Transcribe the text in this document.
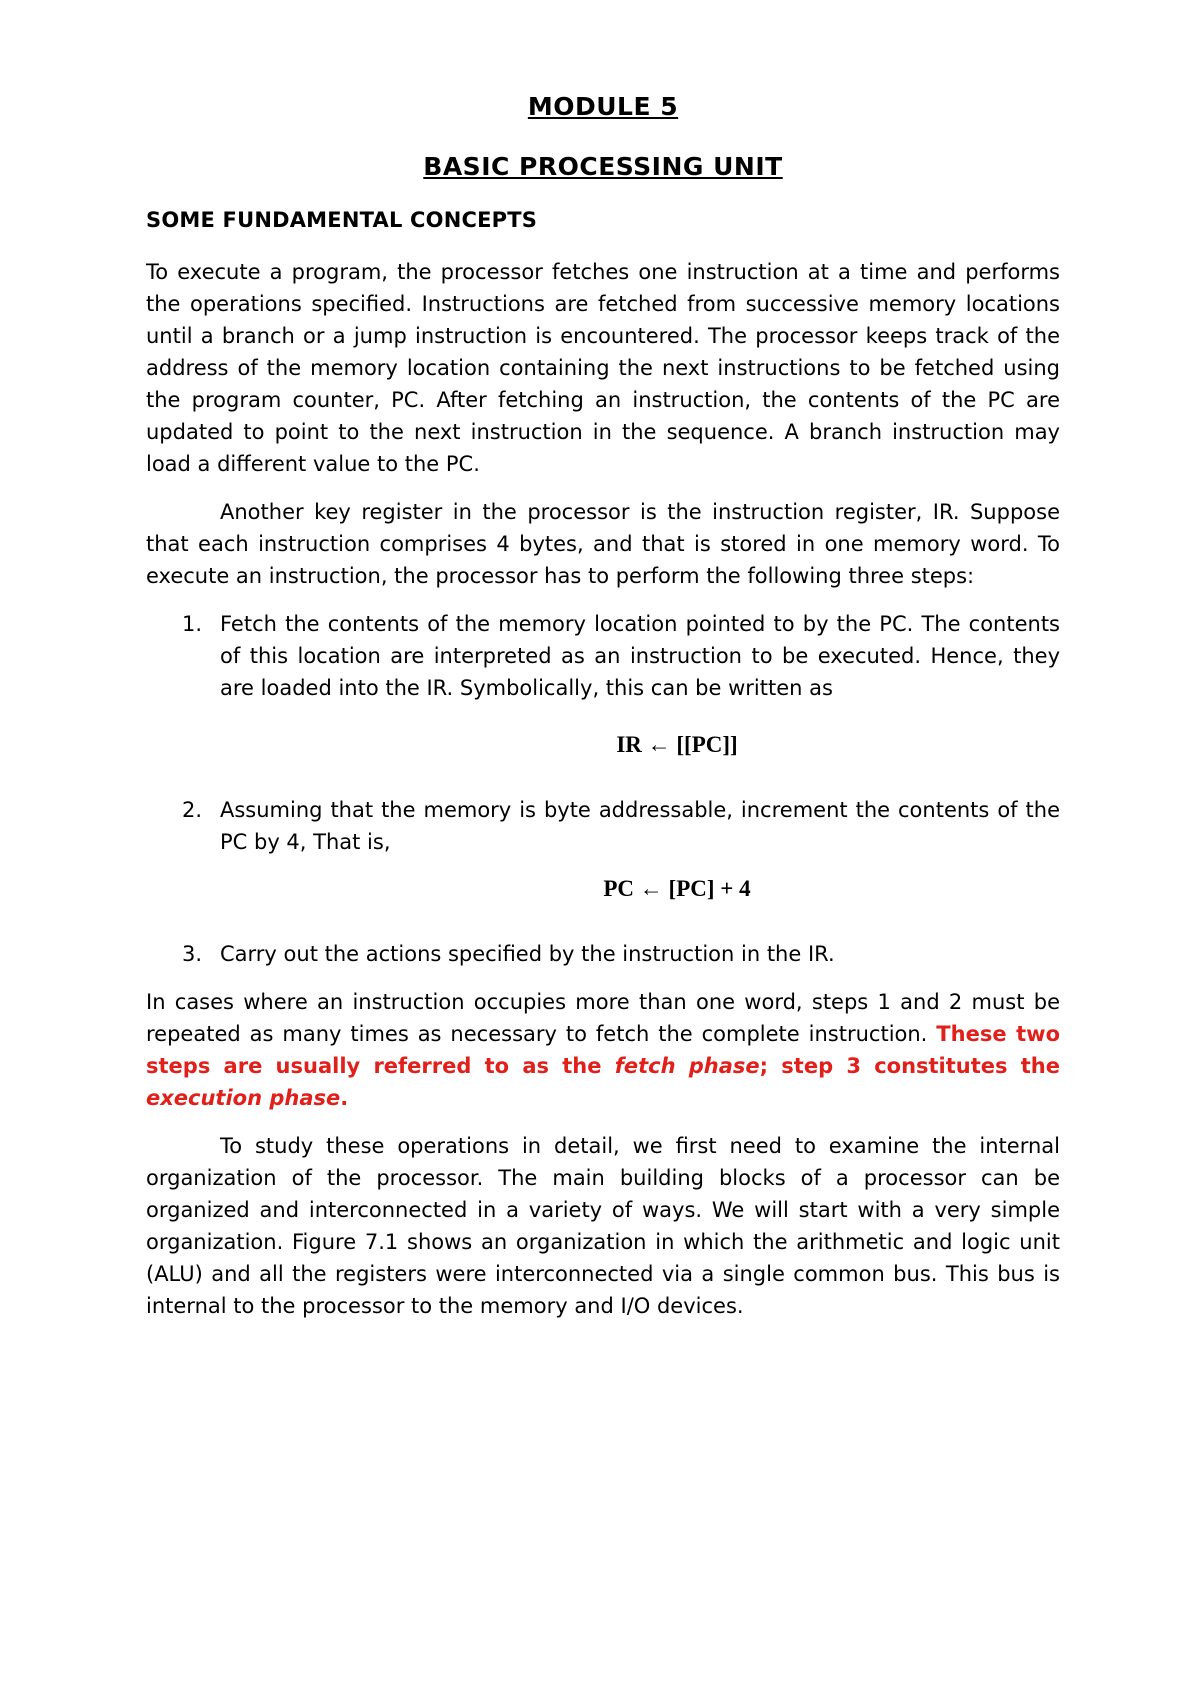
MODULE 5
BASIC PROCESSING UNIT
SOME FUNDAMENTAL CONCEPTS

To execute a program, the processor fetches one instruction at a time and performs the operations specified. Instructions are fetched from successive memory locations until a branch or a jump instruction is encountered. The processor keeps track of the address of the memory location containing the next instructions to be fetched using the program counter, PC. After fetching an instruction, the contents of the PC are updated to point to the next instruction in the sequence. A branch instruction may load a different value to the PC.

Another key register in the processor is the instruction register, IR. Suppose that each instruction comprises 4 bytes, and that is stored in one memory word. To execute an instruction, the processor has to perform the following three steps:

1. Fetch the contents of the memory location pointed to by the PC. The contents of this location are interpreted as an instruction to be executed. Hence, they are loaded into the IR. Symbolically, this can be written as

IR ← [[PC]]
2. Assuming that the memory is byte addressable, increment the contents of the PC by 4, That is,

PC ← [PC] + 4
3. Carry out the actions specified by the instruction in the IR.

In cases where an instruction occupies more than one word, steps 1 and 2 must be repeated as many times as necessary to fetch the complete instruction. These two steps are usually referred to as the fetch phase; step 3 constitutes the execution phase.

To study these operations in detail, we first need to examine the internal organization of the processor. The main building blocks of a processor can be organized and interconnected in a variety of ways. We will start with a very simple organization. Figure 7.1 shows an organization in which the arithmetic and logic unit (ALU) and all the registers were interconnected via a single common bus. This bus is internal to the processor to the memory and I/O devices.
